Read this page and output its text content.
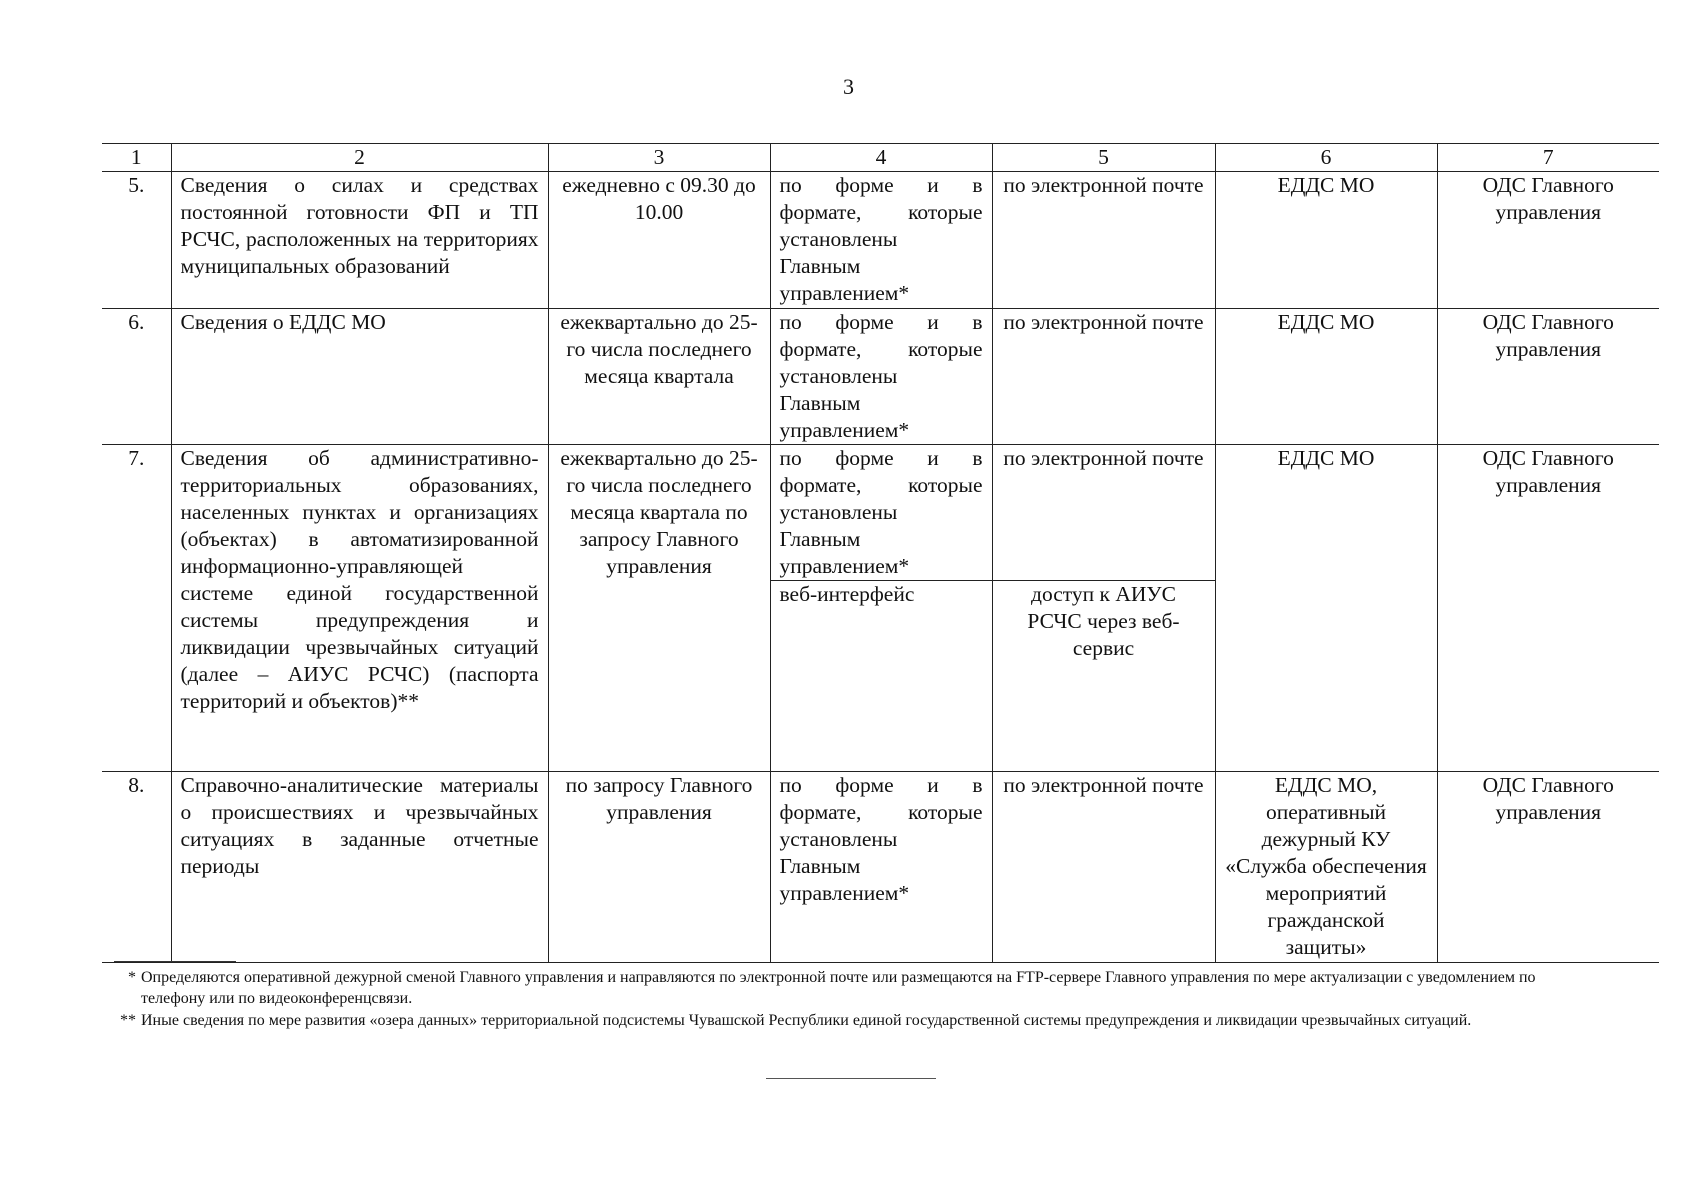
3
1	2	3	4	5	6	7
5.	Сведения о силах и средствах постоянной готовности ФП и ТП РСЧС, расположенных на территориях муниципальных образований	ежедневно с 09.30 до 10.00	по форме и в формате, которые установлены Главным управлением*	по электронной почте	ЕДДС МО	ОДС Главного управления
6.	Сведения о ЕДДС МО	ежеквартально до 25-го числа последнего месяца квартала	по форме и в формате, которые установлены Главным управлением*	по электронной почте	ЕДДС МО	ОДС Главного управления
7.	Сведения об административно-территориальных образованиях, населенных пунктах и организациях (объектах) в автоматизированной информационно-управляющей системе единой государственной системы предупреждения и ликвидации чрезвычайных ситуаций (далее – АИУС РСЧС) (паспорта территорий и объектов)**	ежеквартально до 25-го числа последнего месяца квартала по запросу Главного управления	по форме и в формате, которые установлены Главным управлением*	по электронной почте	ЕДДС МО	ОДС Главного управления
			веб-интерфейс	доступ к АИУС РСЧС через веб-сервис		
8.	Справочно-аналитические материалы о происшествиях и чрезвычайных ситуациях в заданные отчетные периоды	по запросу Главного управления	по форме и в формате, которые установлены Главным управлением*	по электронной почте	ЕДДС МО, оперативный дежурный КУ «Служба обеспечения мероприятий гражданской защиты»	ОДС Главного управления
* Определяются оперативной дежурной сменой Главного управления и направляются по электронной почте или размещаются на FTP-сервере Главного управления по мере актуализации с уведомлением по телефону или по видеоконференцсвязи.
** Иные сведения по мере развития «озера данных» территориальной подсистемы Чувашской Республики единой государственной системы предупреждения и ликвидации чрезвычайных ситуаций.
